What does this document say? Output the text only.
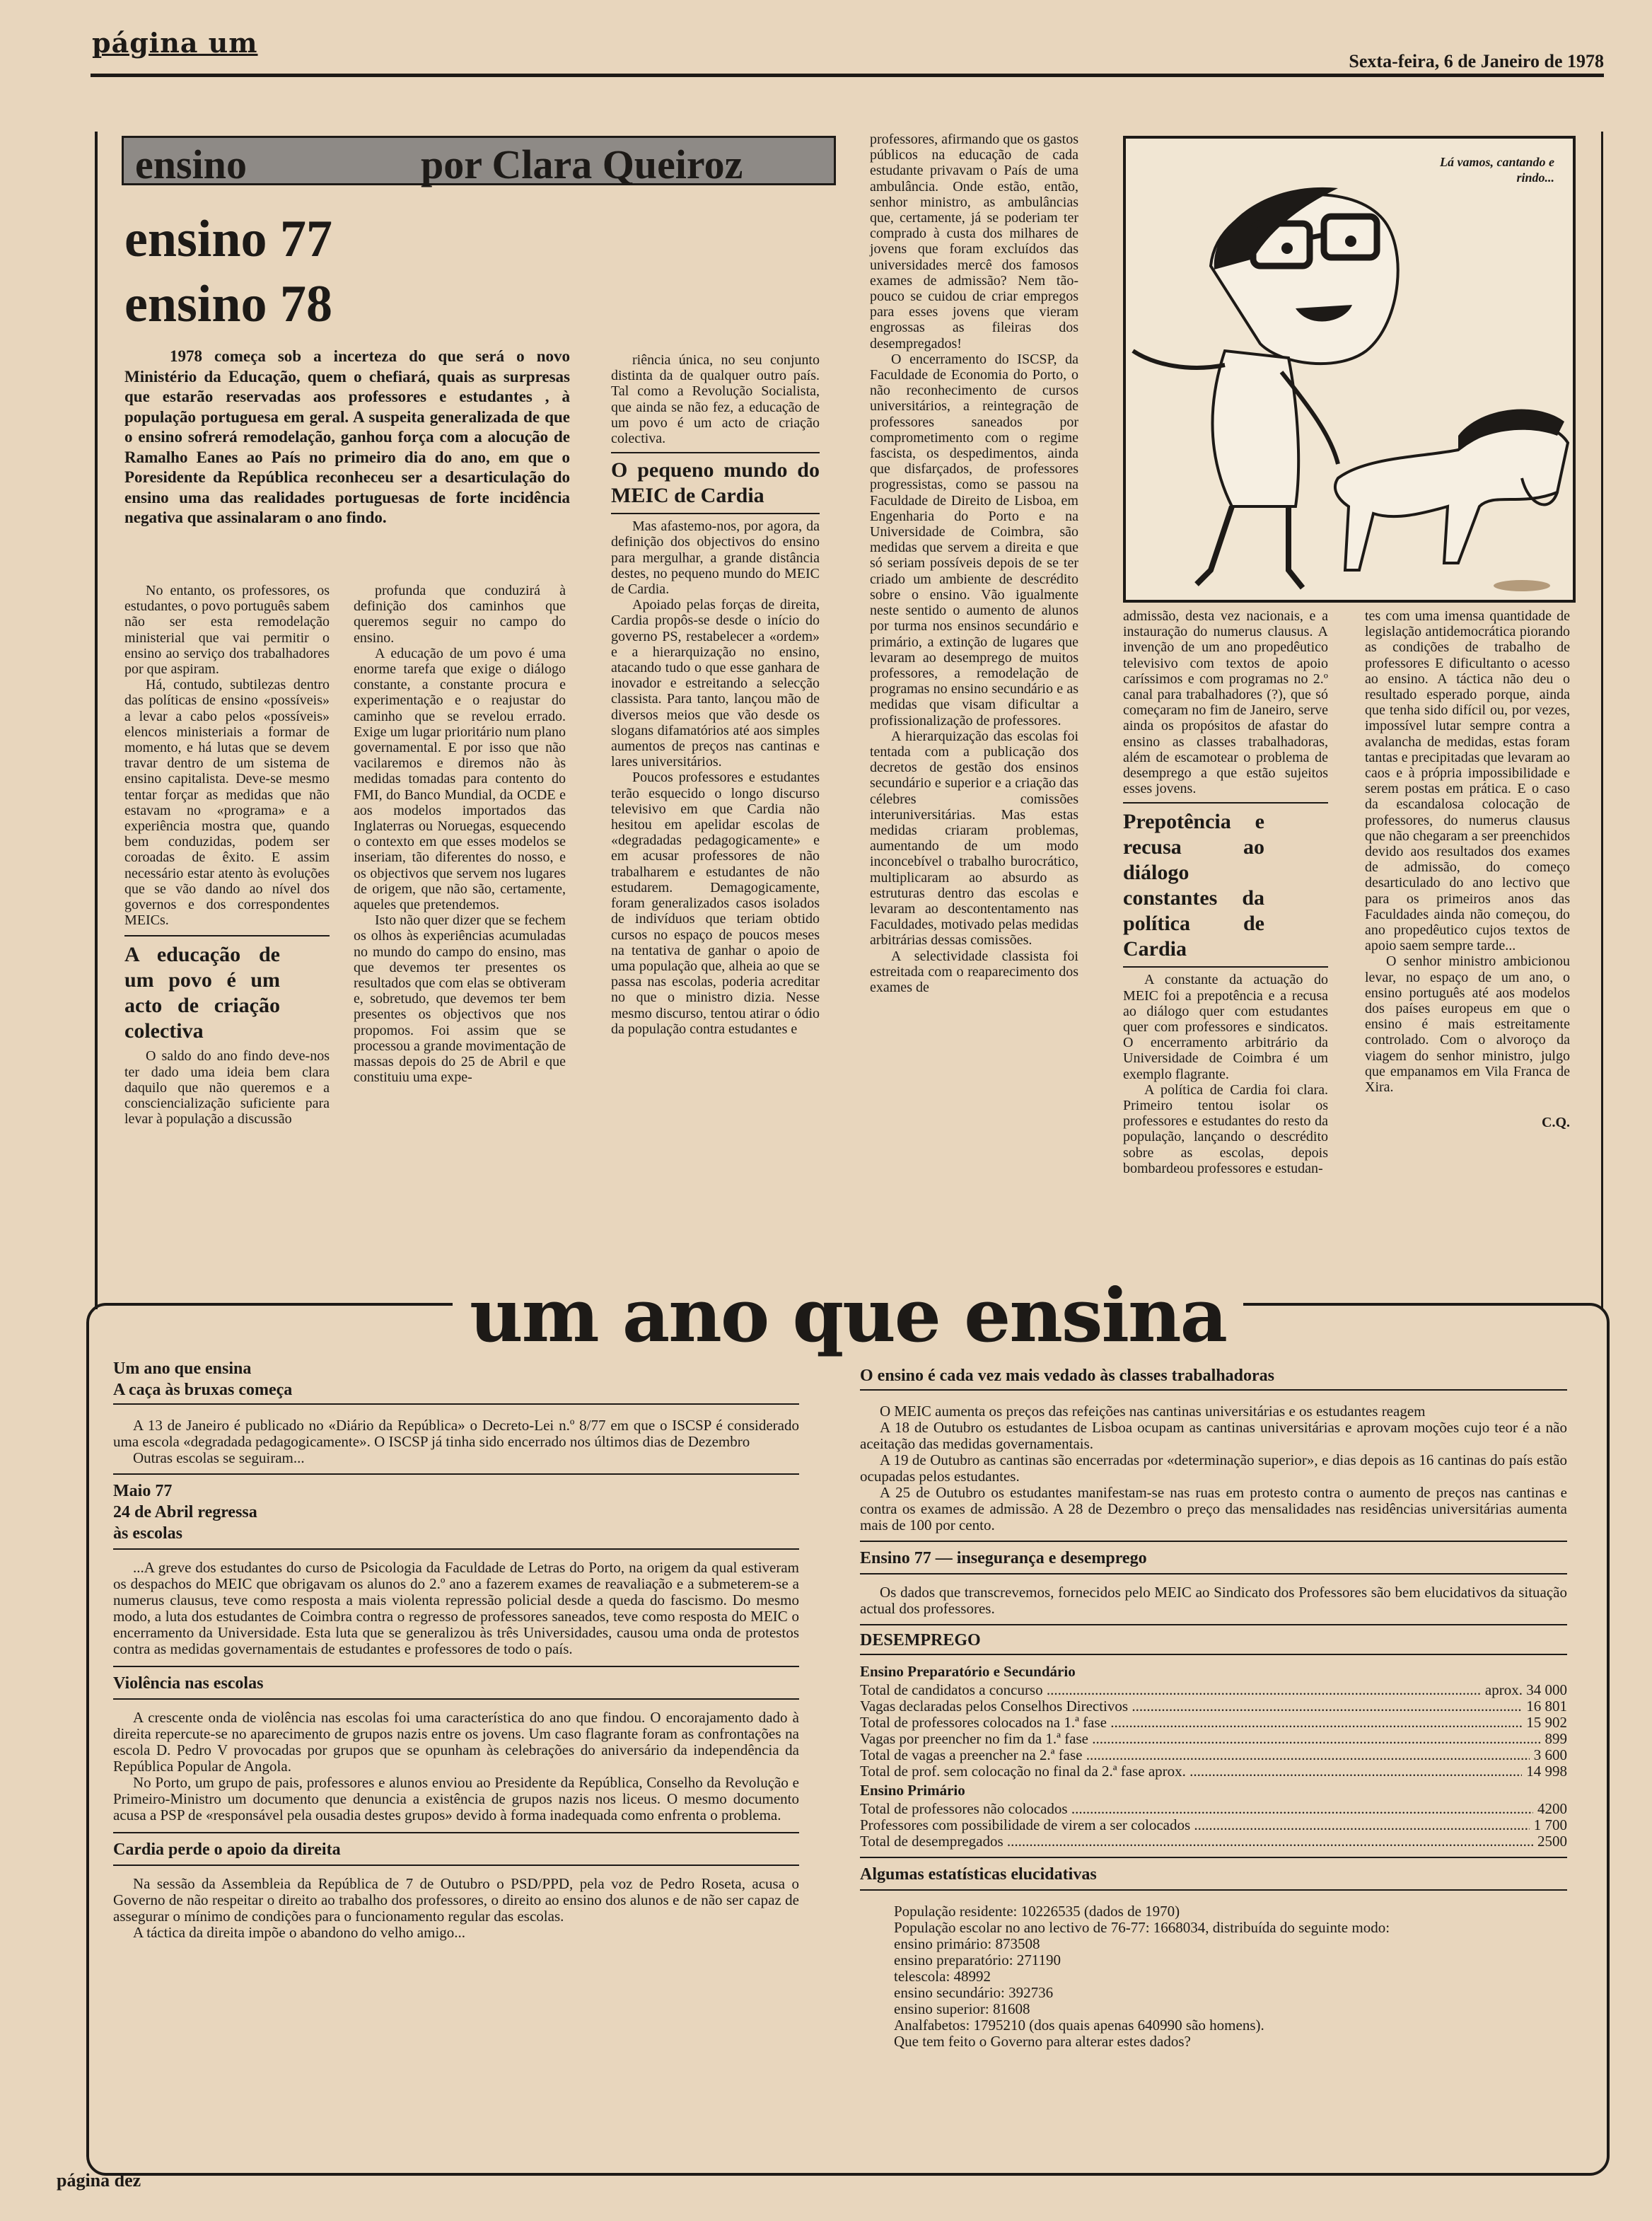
página um
Sexta-feira, 6 de Janeiro de 1978
ensino	por Clara Queiroz
ensino 77
ensino 78
1978 começa sob a incerteza do que será o novo Ministério da Educação, quem o chefiará, quais as surpresas que estarão reservadas aos professores e estudantes , à população portuguesa em geral. A suspeita generalizada de que o ensino sofrerá remodelação, ganhou força com a alocução de Ramalho Eanes ao País no primeiro dia do ano, em que o Poresidente da República reconheceu ser a desarticulação do ensino uma das realidades portuguesas de forte incidência negativa que assinalaram o ano findo.

No entanto, os professores, os estudantes, o povo português sabem não ser esta remodelação ministerial que vai permitir o ensino ao serviço dos trabalhadores por que aspiram.

Há, contudo, subtilezas dentro das políticas de ensino «possíveis» a levar a cabo pelos «possíveis» elencos ministeriais a formar de momento, e há lutas que se devem travar dentro de um sistema de ensino capitalista. Deve-se mesmo tentar forçar as medidas que não estavam no «programa» e a experiência mostra que, quando bem conduzidas, podem ser coroadas de êxito. E assim necessário estar atento às evoluções que se vão dando ao nível dos governos e dos correspondentes MEICs.

A educação de um povo é um acto de criação colectiva

O saldo do ano findo deve-nos ter dado uma ideia bem clara daquilo que não queremos e a consciencialização suficiente para levar à população a discussão

profunda que conduzirá à definição dos caminhos que queremos seguir no campo do ensino.

A educação de um povo é uma enorme tarefa que exige o diálogo constante, a constante procura e experimentação e o reajustar do caminho que se revelou errado. Exige um lugar prioritário num plano governamental. E por isso que não vacilaremos e diremos não às medidas tomadas para contento do FMI, do Banco Mundial, da OCDE e aos modelos importados das Inglaterras ou Noruegas, esquecendo o contexto em que esses modelos se inseriam, tão diferentes do nosso, e os objectivos que servem nos lugares de origem, que não são, certamente, aqueles que pretendemos.

Isto não quer dizer que se fechem os olhos às experiências acumuladas no mundo do campo do ensino, mas que devemos ter presentes os resultados que com elas se obtiveram e, sobretudo, que devemos ter bem presentes os objectivos que nos propomos. Foi assim que se processou a grande movimentação de massas depois do 25 de Abril e que constituiu uma expe-

riência única, no seu conjunto distinta da de qualquer outro país. Tal como a Revolução Socialista, que ainda se não fez, a educação de um povo é um acto de criação colectiva.

O pequeno mundo do MEIC de Cardia

Mas afastemo-nos, por agora, da definição dos objectivos do ensino para mergulhar, a grande distância destes, no pequeno mundo do MEIC de Cardia.

Apoiado pelas forças de direita, Cardia propôs-se desde o início do governo PS, restabelecer a «ordem» e a hierarquização no ensino, atacando tudo o que esse ganhara de inovador e estreitando a selecção classista. Para tanto, lançou mão de diversos meios que vão desde os slogans difamatórios até aos simples aumentos de preços nas cantinas e lares universitários.

Poucos professores e estudantes terão esquecido o longo discurso televisivo em que Cardia não hesitou em apelidar escolas de «degradadas pedagogicamente» e em acusar professores de não trabalharem e estudantes de não estudarem. Demagogicamente, foram generalizados casos isolados de indivíduos que teriam obtido cursos no espaço de poucos meses na tentativa de ganhar o apoio de uma população que, alheia ao que se passa nas escolas, poderia acreditar no que o ministro dizia. Nesse mesmo discurso, tentou atirar o ódio da população contra estudantes e

professores, afirmando que os gastos públicos na educação de cada estudante privavam o País de uma ambulância. Onde estão, então, senhor ministro, as ambulâncias que, certamente, já se poderiam ter comprado à custa dos milhares de jovens que foram excluídos das universidades mercê dos famosos exames de admissão? Nem tão-pouco se cuidou de criar empregos para esses jovens que vieram engrossas as fileiras dos desempregados!

O encerramento do ISCSP, da Faculdade de Economia do Porto, o não reconhecimento de cursos universitários, a reintegração de professores saneados por comprometimento com o regime fascista, os despedimentos, ainda que disfarçados, de professores progressistas, como se passou na Faculdade de Direito de Lisboa, em Engenharia do Porto e na Universidade de Coimbra, são medidas que servem a direita e que só seriam possíveis depois de se ter criado um ambiente de descrédito sobre o ensino. Vão igualmente neste sentido o aumento de alunos por turma nos ensinos secundário e primário, a extinção de lugares que levaram ao desemprego de muitos professores, a remodelação de programas no ensino secundário e as medidas que visam dificultar a profissionalização de professores.

A hierarquização das escolas foi tentada com a publicação dos decretos de gestão dos ensinos secundário e superior e a criação das célebres comissões interuniversitárias. Mas estas medidas criaram problemas, aumentando de um modo inconcebível o trabalho burocrático, multiplicaram ao absurdo as estruturas dentro das escolas e levaram ao descontentamento nas Faculdades, motivado pelas medidas arbitrárias dessas comissões.

A selectividade classista foi estreitada com o reaparecimento dos exames de

Lá vamos, cantando e rindo...

admissão, desta vez nacionais, e a instauração do numerus clausus. A invenção de um ano propedêutico televisivo com textos de apoio caríssimos e com programas no 2.º canal para trabalhadores (?), que só começaram no fim de Janeiro, serve ainda os propósitos de afastar do ensino as classes trabalhadoras, além de escamotear o problema de desemprego a que estão sujeitos esses jovens.

Prepotência e recusa ao diálogo constantes da política de Cardia

A constante da actuação do MEIC foi a prepotência e a recusa ao diálogo quer com estudantes quer com professores e sindicatos. O encerramento arbitrário da Universidade de Coimbra é um exemplo flagrante.

A política de Cardia foi clara. Primeiro tentou isolar os professores e estudantes do resto da população, lançando o descrédito sobre as escolas, depois bombardeou professores e estudan-

tes com uma imensa quantidade de legislação antidemocrática piorando as condições de trabalho de professores E dificultanto o acesso ao ensino. A táctica não deu o resultado esperado porque, ainda que tenha sido difícil ou, por vezes, impossível lutar sempre contra a avalancha de medidas, estas foram tantas e precipitadas que levaram ao caos e à própria impossibilidade e serem postas em prática. E o caso da escandalosa colocação de professores, do numerus clausus que não chegaram a ser preenchidos devido aos resultados dos exames de admissão, do começo desarticulado do ano lectivo que para os primeiros anos das Faculdades ainda não começou, do ano propedêutico cujos textos de apoio saem sempre tarde...

O senhor ministro ambicionou levar, no espaço de um ano, o ensino português até aos modelos dos países europeus em que o ensino é mais estreitamente controlado. Com o alvoroço da viagem do senhor ministro, julgo que empanamos em Vila Franca de Xira.

C.Q.
um ano que ensina
Um ano que ensina
A caça às bruxas começa

A 13 de Janeiro é publicado no «Diário da República» o Decreto-Lei n.º 8/77 em que o ISCSP é considerado uma escola «degradada pedagogicamente». O ISCSP já tinha sido encerrado nos últimos dias de Dezembro

Outras escolas se seguiram...

Maio 77
24 de Abril regressa
às escolas

...A greve dos estudantes do curso de Psicologia da Faculdade de Letras do Porto, na origem da qual estiveram os despachos do MEIC que obrigavam os alunos do 2.º ano a fazerem exames de reavaliação e a submeterem-se a numerus clausus, teve como resposta a mais violenta repressão policial desde a queda do fascismo. Do mesmo modo, a luta dos estudantes de Coimbra contra o regresso de professores saneados, teve como resposta do MEIC o encerramento da Universidade. Esta luta que se generalizou às três Universidades, causou uma onda de protestos contra as medidas governamentais de estudantes e professores de todo o país.

Violência nas escolas

A crescente onda de violência nas escolas foi uma característica do ano que findou. O encorajamento dado à direita repercute-se no aparecimento de grupos nazis entre os jovens. Um caso flagrante foram as confrontações na escola D. Pedro V provocadas por grupos que se opunham às celebrações do aniversário da independência da República Popular de Angola.

No Porto, um grupo de pais, professores e alunos enviou ao Presidente da República, Conselho da Revolução e Primeiro-Ministro um documento que denuncia a existência de grupos nazis nos liceus. O mesmo documento acusa a PSP de «responsável pela ousadia destes grupos» devido à forma inadequada como enfrenta o problema.

Cardia perde o apoio da direita

Na sessão da Assembleia da República de 7 de Outubro o PSD/PPD, pela voz de Pedro Roseta, acusa o Governo de não respeitar o direito ao trabalho dos professores, o direito ao ensino dos alunos e de não ser capaz de assegurar o mínimo de condições para o funcionamento regular das escolas.

A táctica da direita impõe o abandono do velho amigo...

O ensino é cada vez mais vedado às classes trabalhadoras

O MEIC aumenta os preços das refeições nas cantinas universitárias e os estudantes reagem

A 18 de Outubro os estudantes de Lisboa ocupam as cantinas universitárias e aprovam moções cujo teor é a não aceitação das medidas governamentais.

A 19 de Outubro as cantinas são encerradas por «determinação superior», e dias depois as 16 cantinas do país estão ocupadas pelos estudantes.

A 25 de Outubro os estudantes manifestam-se nas ruas em protesto contra o aumento de preços nas cantinas e contra os exames de admissão. A 28 de Dezembro o preço das mensalidades nas residências universitárias aumenta mais de 100 por cento.

Ensino 77 — insegurança e desemprego

Os dados que transcrevemos, fornecidos pelo MEIC ao Sindicato dos Professores são bem elucidativos da situação actual dos professores.

DESEMPREGO
Ensino Preparatório e Secundário
Total de candidatos a concurso .....	aprox. 34 000
Vagas declaradas pelos Conselhos Directivos .....	16 801
Total de professores colocados na 1.ª fase .....	15 902
Vagas por preencher no fim da 1.ª fase .....	899
Total de vagas a preencher na 2.ª fase .....	3 600
Total de prof. sem colocação no final da 2.ª fase aprox. .....	14 998
Ensino Primário
Total de professores não colocados .....	4200
Professores com possibilidade de virem a ser colocados .....	1 700
Total de desempregados .....	2500
Algumas estatísticas elucidativas
População residente: 10226535 (dados de 1970)
População escolar no ano lectivo de 76-77: 1668034, distribuída do seguinte modo:
ensino primário: 873508
ensino preparatório: 271190
telescola: 48992
ensino secundário: 392736
ensino superior: 81608
Analfabetos: 1795210 (dos quais apenas 640990 são homens).
Que tem feito o Governo para alterar estes dados?
página dez
